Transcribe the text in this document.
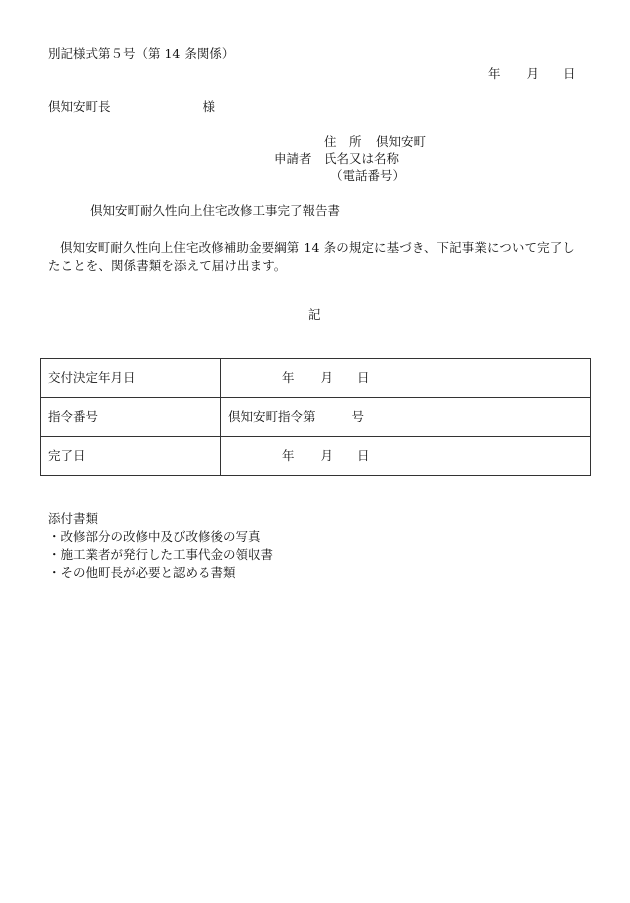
別記様式第５号（第 14 条関係）
年 月 日
倶知安町長	様
住　所	倶知安町
申請者 氏名又は名称
（電話番号）
倶知安町耐久性向上住宅改修工事完了報告書
倶知安町耐久性向上住宅改修補助金要綱第 14 条の規定に基づき、下記事業について完了したことを、関係書類を添えて届け出ます。
記
交付決定年月日	年 月 日
指令番号	倶知安町指令第 号
完了日	年 月 日
添付書類
・改修部分の改修中及び改修後の写真
・施工業者が発行した工事代金の領収書
・その他町長が必要と認める書類
